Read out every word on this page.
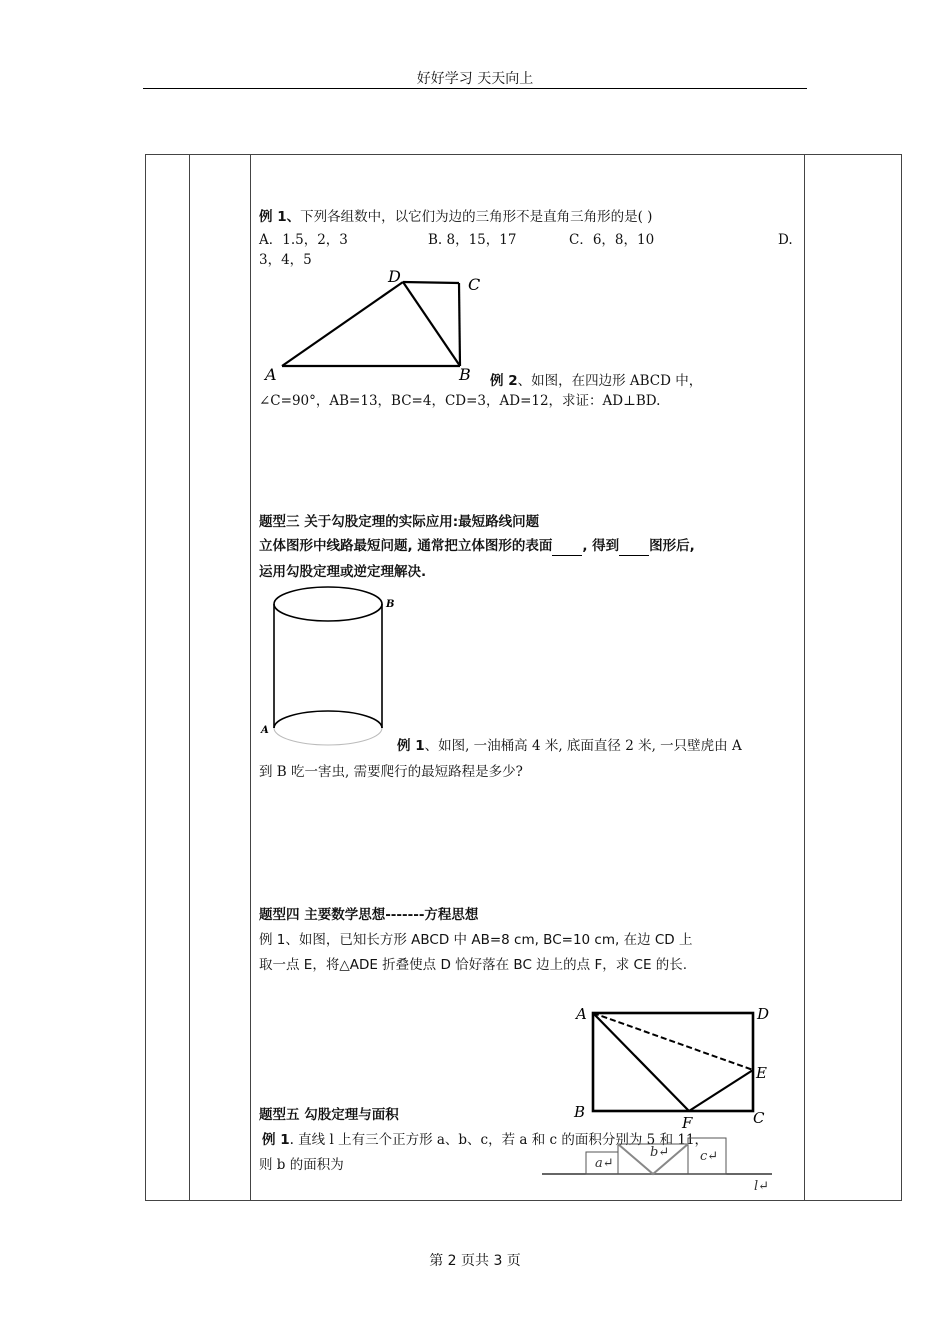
好好学习 天天向上
例 1、下列各组数中，以它们为边的三角形不是直角三角形的是( )
A．1.5，2，3	B. 8，15，17	C．6，8，10	D.
3，4，5
A	B
C
D
例 2、如图，在四边形 ABCD 中，
∠C=90°，AB=13，BC=4，CD=3，AD=12，求证：AD⊥BD.
题型三 关于勾股定理的实际应用:最短路线问题
立体图形中线路最短问题, 通常把立体图形的表面 , 得到 图形后,
运用勾股定理或逆定理解决.
B
A
例 1、如图, 一油桶高 4 米, 底面直径 2 米, 一只壁虎由 A
到 B 吃一害虫, 需要爬行的最短路程是多少?
题型四 主要数学思想-------方程思想
例 1、如图，已知长方形 ABCD 中 AB=8 cm, BC=10 cm, 在边 CD 上
取一点 E，将△ADE 折叠使点 D 恰好落在 BC 边上的点 F，求 CE 的长.
A	D
E
B	C
F
题型五 勾股定理与面积
例 1. 直线 l 上有三个正方形 a、b、c，若 a 和 c 的面积分别为 5 和 11，
则 b 的面积为	a↵
b↵ c↵
l↵
第 2 页共 3 页
